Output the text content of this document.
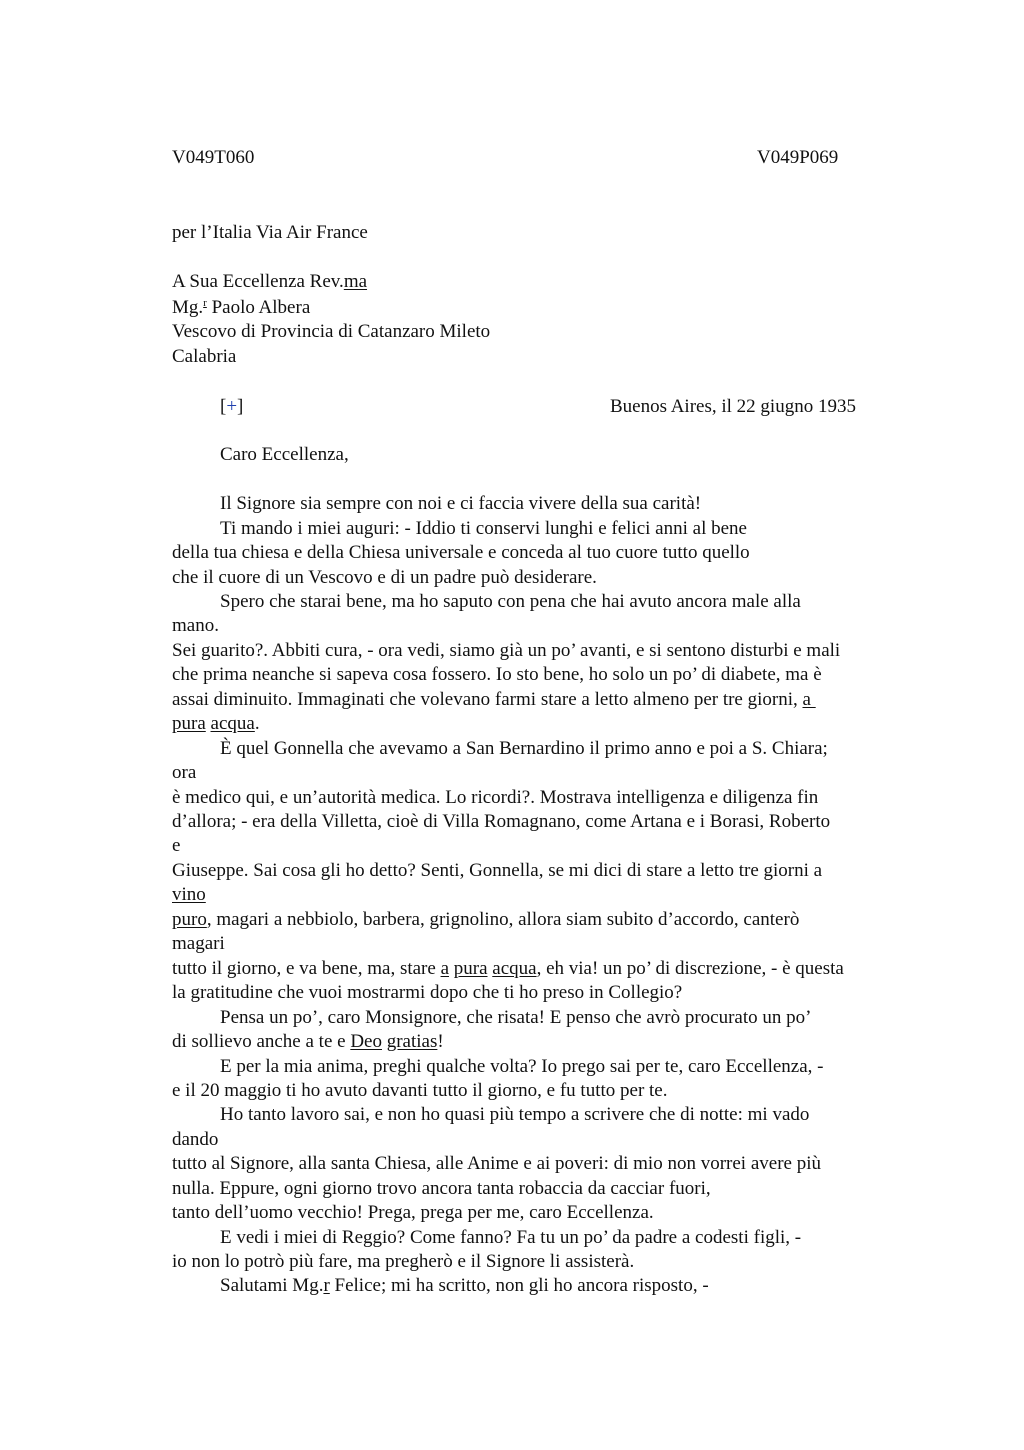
V049T060	V049P069
per l’Italia Via Air France
A Sua Eccellenza Rev.ma
Mg.$^r$ Paolo Albera
Vescovo di Provincia di Catanzaro Mileto
Calabria
[+]	Buenos Aires, il 22 giugno 1935
Caro Eccellenza,
Il Signore sia sempre con noi e ci faccia vivere della sua carità!
Ti mando i miei auguri: - Iddio ti conservi lunghi e felici anni al bene
della tua chiesa e della Chiesa universale e conceda al tuo cuore tutto quello
che il cuore di un Vescovo e di un padre può desiderare.
Spero che starai bene, ma ho saputo con pena che hai avuto ancora male alla
mano.
Sei guarito?. Abbiti cura, - ora vedi, siamo già un po’ avanti, e si sentono disturbi e mali
che prima neanche si sapeva cosa fossero. Io sto bene, ho solo un po’ di diabete, ma è
assai diminuito. Immaginati che volevano farmi stare a letto almeno per tre giorni, a
pura acqua.
È quel Gonnella che avevamo a San Bernardino il primo anno e poi a S. Chiara;
ora
è medico qui, e un’autorità medica. Lo ricordi?. Mostrava intelligenza e diligenza fin
d’allora; - era della Villetta, cioè di Villa Romagnano, come Artana e i Borasi, Roberto
e
Giuseppe. Sai cosa gli ho detto? Senti, Gonnella, se mi dici di stare a letto tre giorni a
vino
puro, magari a nebbiolo, barbera, grignolino, allora siam subito d’accordo, canterò
magari
tutto il giorno, e va bene, ma, stare a pura acqua, eh via! un po’ di discrezione, - è questa
la gratitudine che vuoi mostrarmi dopo che ti ho preso in Collegio?
Pensa un po’, caro Monsignore, che risata! E penso che avrò procurato un po’
di sollievo anche a te e Deo gratias!
E per la mia anima, preghi qualche volta? Io prego sai per te, caro Eccellenza, -
e il 20 maggio ti ho avuto davanti tutto il giorno, e fu tutto per te.
Ho tanto lavoro sai, e non ho quasi più tempo a scrivere che di notte: mi vado
dando
tutto al Signore, alla santa Chiesa, alle Anime e ai poveri: di mio non vorrei avere più
nulla. Eppure, ogni giorno trovo ancora tanta robaccia da cacciar fuori,
tanto dell’uomo vecchio! Prega, prega per me, caro Eccellenza.
E vedi i miei di Reggio? Come fanno? Fa tu un po’ da padre a codesti figli, -
io non lo potrò più fare, ma pregherò e il Signore li assisterà.
Salutami Mg.r Felice; mi ha scritto, non gli ho ancora risposto, -
